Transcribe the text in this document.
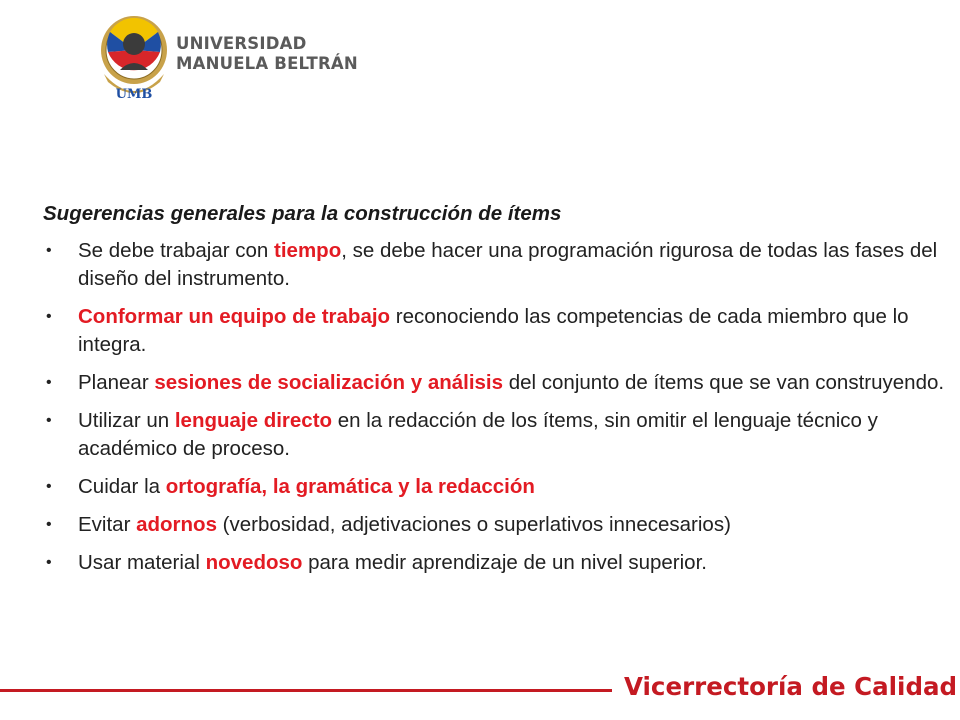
UMB
UNIVERSIDAD
MANUELA BELTRÁN
Sugerencias generales para la construcción de ítems
• Se debe trabajar con tiempo, se debe hacer una programación rigurosa de todas las fases del diseño del instrumento.
• Conformar un equipo de trabajo reconociendo las competencias de cada miembro que lo integra.
• Planear sesiones de socialización y análisis del conjunto de ítems que se van construyendo.
• Utilizar un lenguaje directo en la redacción de los ítems, sin omitir el lenguaje técnico y académico de proceso.
• Cuidar la ortografía, la gramática y la redacción
• Evitar adornos (verbosidad, adjetivaciones o superlativos innecesarios)
• Usar material novedoso para medir aprendizaje de un nivel superior.
Vicerrectoría de Calidad
